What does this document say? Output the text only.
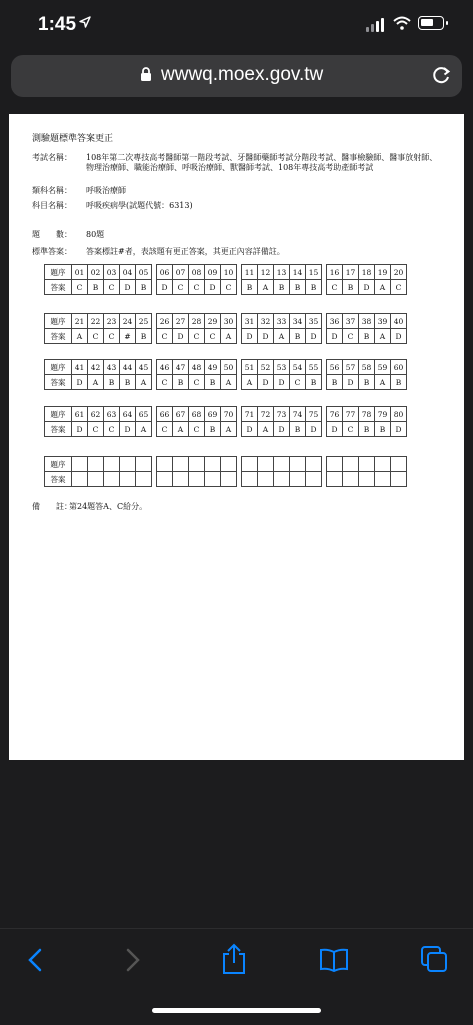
1:45
wwwq.moex.gov.tw
測驗題標準答案更正
考試名稱： 108年第二次專技高考醫師第一階段考試、牙醫師藥師考試分階段考試、醫事檢驗師、醫事放射師、物理治療師、職能治療師、呼吸治療師、獸醫師考試、108年專技高考助產師考試
類科名稱： 呼吸治療師
科目名稱： 呼吸疾病學(試題代號：6313)
題　　數： 80題
標準答案： 答案標註#者，表該題有更正答案，其更正內容詳備註。
題序	01	02	03	04	05		06	07	08	09	10		11	12	13	14	15		16	17	18	19	20
答案	C	B	C	D	B		D	C	C	D	C		B	A	B	B	B		C	B	D	A	C
題序	21	22	23	24	25		26	27	28	29	30		31	32	33	34	35		36	37	38	39	40
答案	A	C	C	#	B		C	D	C	C	A		D	D	A	B	D		D	C	B	A	D
題序	41	42	43	44	45		46	47	48	49	50		51	52	53	54	55		56	57	58	59	60
答案	D	A	B	B	A		C	B	C	B	A		A	D	D	C	B		B	D	B	A	B
題序	61	62	63	64	65		66	67	68	69	70		71	72	73	74	75		76	77	78	79	80
答案	D	C	C	D	A		C	A	C	B	A		D	A	D	B	D		D	C	B	B	D
題序																							
答案																							
備　　註：
第24題答A、C給分。
